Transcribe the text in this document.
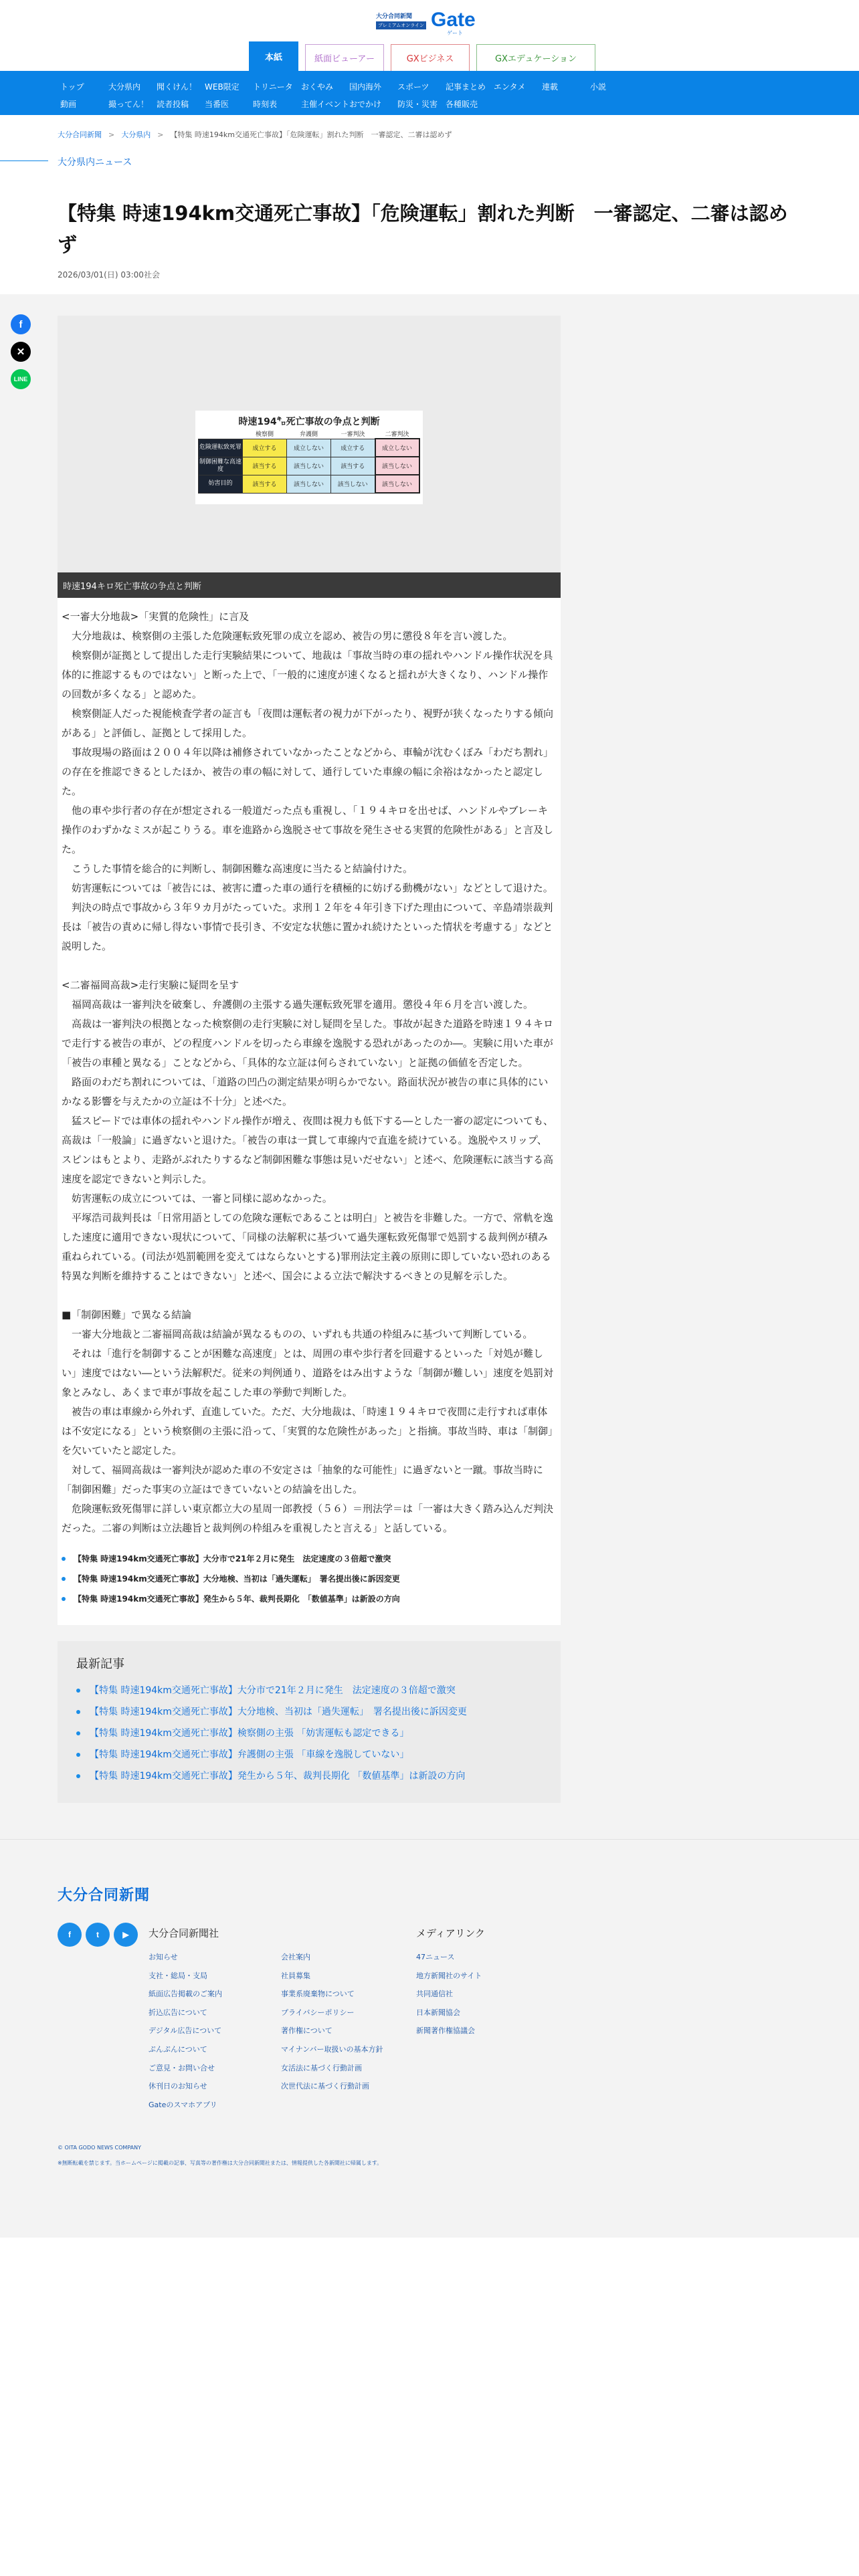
大分合同新聞
プレミアムオンライン Gate
ゲート
本紙	紙面ビューアー	GXビジネス	GXエデュケーション
トップ	大分県内	聞くけん！ WEB限定	トリニータ	おくやみ	国内海外	スポーツ	記事まとめ エンタメ	連載	小説
動画	撮ってん！ 読者投稿	当番医	時刻表	主催イベント おでかけ	防災・災害 各種販売
大分合同新聞 > 大分県内 > 【特集 時速194km交通死亡事故】「危険運転」割れた判断　一審認定、二審は認めず
大分県内ニュース
【特集 時速194km交通死亡事故】「危険運転」割れた判断　一審認定、二審は認めず
2026/03/01(日) 03:00社会
f
✕
LINE
時速194㌔死亡事故の争点と判断
	検察側	弁護側	一審判決	二審判決
危険運転致死罪	成立する	成立しない	成立する	成立しない
制御困難な高速度	該当する	該当しない	該当する	該当しない
妨害目的	該当する	該当しない	該当しない	該当しない
時速194キロ死亡事故の争点と判断

<一審大分地裁>「実質的危険性」に言及

　大分地裁は、検察側の主張した危険運転致死罪の成立を認め、被告の男に懲役８年を言い渡した。

　検察側が証拠として提出した走行実験結果について、地裁は「事故当時の車の揺れやハンドル操作状況を具体的に推認するものではない」と断った上で、「一般的に速度が速くなると揺れが大きくなり、ハンドル操作の回数が多くなる」と認めた。

　検察側証人だった視能検査学者の証言も「夜間は運転者の視力が下がったり、視野が狭くなったりする傾向がある」と評価し、証拠として採用した。

　事故現場の路面は２００４年以降は補修されていなかったことなどから、車輪が沈むくぼみ「わだち割れ」の存在を推認できるとしたほか、被告の車の幅に対して、通行していた車線の幅に余裕はなかったと認定した。

　他の車や歩行者の存在が想定される一般道だった点も重視し、「１９４キロを出せば、ハンドルやブレーキ操作のわずかなミスが起こりうる。車を進路から逸脱させて事故を発生させる実質的危険性がある」と言及した。

　こうした事情を総合的に判断し、制御困難な高速度に当たると結論付けた。

　妨害運転については「被告には、被害に遭った車の通行を積極的に妨げる動機がない」などとして退けた。

　判決の時点で事故から３年９カ月がたっていた。求刑１２年を４年引き下げた理由について、辛島靖崇裁判長は「被告の責めに帰し得ない事情で長引き、不安定な状態に置かれ続けたといった情状を考慮する」などと説明した。

<二審福岡高裁>走行実験に疑問を呈す

　福岡高裁は一審判決を破棄し、弁護側の主張する過失運転致死罪を適用。懲役４年６月を言い渡した。

　高裁は一審判決の根拠となった検察側の走行実験に対し疑問を呈した。事故が起きた道路を時速１９４キロで走行する被告の車が、どの程度ハンドルを切ったら車線を逸脱する恐れがあったのか―。実験に用いた車が「被告の車種と異なる」ことなどから、「具体的な立証は何らされていない」と証拠の価値を否定した。

　路面のわだち割れについては、「道路の凹凸の測定結果が明らかでない。路面状況が被告の車に具体的にいかなる影響を与えたかの立証は不十分」と述べた。

　猛スピードでは車体の揺れやハンドル操作が増え、夜間は視力も低下する―とした一審の認定についても、高裁は「一般論」に過ぎないと退けた。「被告の車は一貫して車線内で直進を続けている。逸脱やスリップ、スピンはもとより、走路がぶれたりするなど制御困難な事態は見いだせない」と述べ、危険運転に該当する高速度を認定できないと判示した。

　妨害運転の成立については、一審と同様に認めなかった。

　平塚浩司裁判長は「日常用語としての危険な運転であることは明白」と被告を非難した。一方で、常軌を逸した速度に適用できない現状について、「同様の法解釈に基づいて過失運転致死傷罪で処罰する裁判例が積み重ねられている。(司法が処罰範囲を変えてはならないとする)罪刑法定主義の原則に即していない恐れのある特異な判断を維持することはできない」と述べ、国会による立法で解決するべきとの見解を示した。

■「制御困難」で異なる結論

　一審大分地裁と二審福岡高裁は結論が異なるものの、いずれも共通の枠組みに基づいて判断している。

　それは「進行を制御することが困難な高速度」とは、周囲の車や歩行者を回避するといった「対処が難しい」速度ではない―という法解釈だ。従来の判例通り、道路をはみ出すような「制御が難しい」速度を処罰対象とみなし、あくまで車が事故を起こした車の挙動で判断した。

　被告の車は車線から外れず、直進していた。ただ、大分地裁は、「時速１９４キロで夜間に走行すれば車体は不安定になる」という検察側の主張に沿って、「実質的な危険性があった」と指摘。事故当時、車は「制御」を欠いていたと認定した。

　対して、福岡高裁は一審判決が認めた車の不安定さは「抽象的な可能性」に過ぎないと一蹴。事故当時に「制御困難」だった事実の立証はできていないとの結論を出した。

　危険運転致死傷罪に詳しい東京都立大の星周一郎教授（５６）＝刑法学＝は「一審は大きく踏み込んだ判決だった。二審の判断は立法趣旨と裁判例の枠組みを重視したと言える」と話している。

【特集 時速194km交通死亡事故】大分市で21年２月に発生　法定速度の３倍超で激突
【特集 時速194km交通死亡事故】大分地検、当初は「過失運転」　署名提出後に訴因変更
【特集 時速194km交通死亡事故】発生から５年、裁判長期化　「数値基準」は新設の方向
最新記事
【特集 時速194km交通死亡事故】大分市で21年２月に発生　法定速度の３倍超で激突
【特集 時速194km交通死亡事故】大分地検、当初は「過失運転」　署名提出後に訴因変更
【特集 時速194km交通死亡事故】検察側の主張 「妨害運転も認定できる」
【特集 時速194km交通死亡事故】弁護側の主張 「車線を逸脱していない」
【特集 時速194km交通死亡事故】発生から５年、裁判長期化 「数値基準」は新設の方向
大分合同新聞
f	t	▶	大分合同新聞社
お知らせ
支社・総局・支局
紙面広告掲載のご案内
折込広告について
デジタル広告について
ぷんぷんについて
ご意見・お問い合せ
休刊日のお知らせ
Gateのスマホアプリ
会社案内
社員募集
事業系廃棄物について
プライバシーポリシー
著作権について
マイナンバー取扱いの基本方針
女活法に基づく行動計画
次世代法に基づく行動計画
メディアリンク
47ニュース
地方新聞社のサイト
共同通信社
日本新聞協会
新聞著作権協議会
© OITA GODO NEWS COMPANY
※無断転載を禁じます。当ホームページに掲載の記事、写真等の著作権は大分合同新聞社または、情報提供した各新聞社に帰属します。
